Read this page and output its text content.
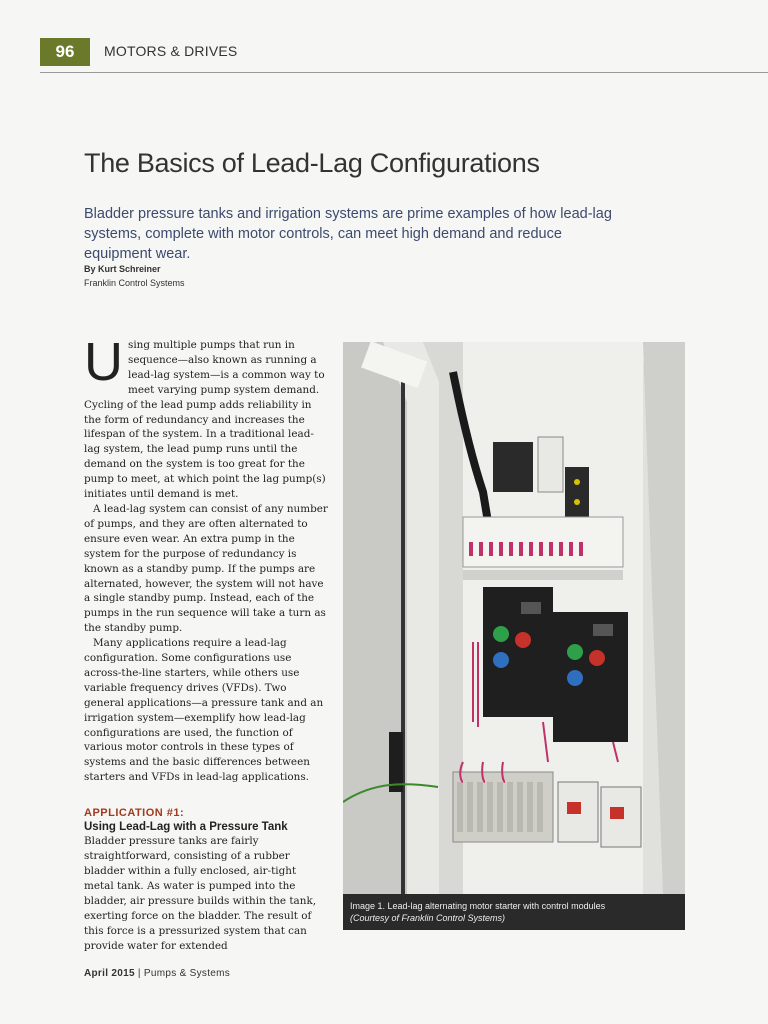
96	MOTORS & DRIVES
The Basics of Lead-Lag Configurations
Bladder pressure tanks and irrigation systems are prime examples of how lead-lag systems, complete with motor controls, can meet high demand and reduce equipment wear.
By Kurt Schreiner
Franklin Control Systems

Using multiple pumps that run in sequence—also known as running a lead-lag system—is a common way to meet varying pump system demand. Cycling of the lead pump adds reliability in the form of redundancy and increases the lifespan of the system. In a traditional lead-lag system, the lead pump runs until the demand on the system is too great for the pump to meet, at which point the lag pump(s) initiates until demand is met.

A lead-lag system can consist of any number of pumps, and they are often alternated to ensure even wear. An extra pump in the system for the purpose of redundancy is known as a standby pump. If the pumps are alternated, however, the system will not have a single standby pump. Instead, each of the pumps in the run sequence will take a turn as the standby pump.

Many applications require a lead-lag configuration. Some configurations use across-the-line starters, while others use variable frequency drives (VFDs). Two general applications—a pressure tank and an irrigation system—exemplify how lead-lag configurations are used, the function of various motor controls in these types of systems and the basic differences between starters and VFDs in lead-lag applications.

APPLICATION #1:
Using Lead-Lag with a Pressure Tank

Bladder pressure tanks are fairly straightforward, consisting of a rubber bladder within a fully enclosed, air-tight metal tank. As water is pumped into the bladder, air pressure builds within the tank, exerting force on the bladder. The result of this force is a pressurized system that can provide water for extended

Image 1. Lead-lag alternating motor starter with control modules
(Courtesy of Franklin Control Systems)
April 2015 | Pumps & Systems
